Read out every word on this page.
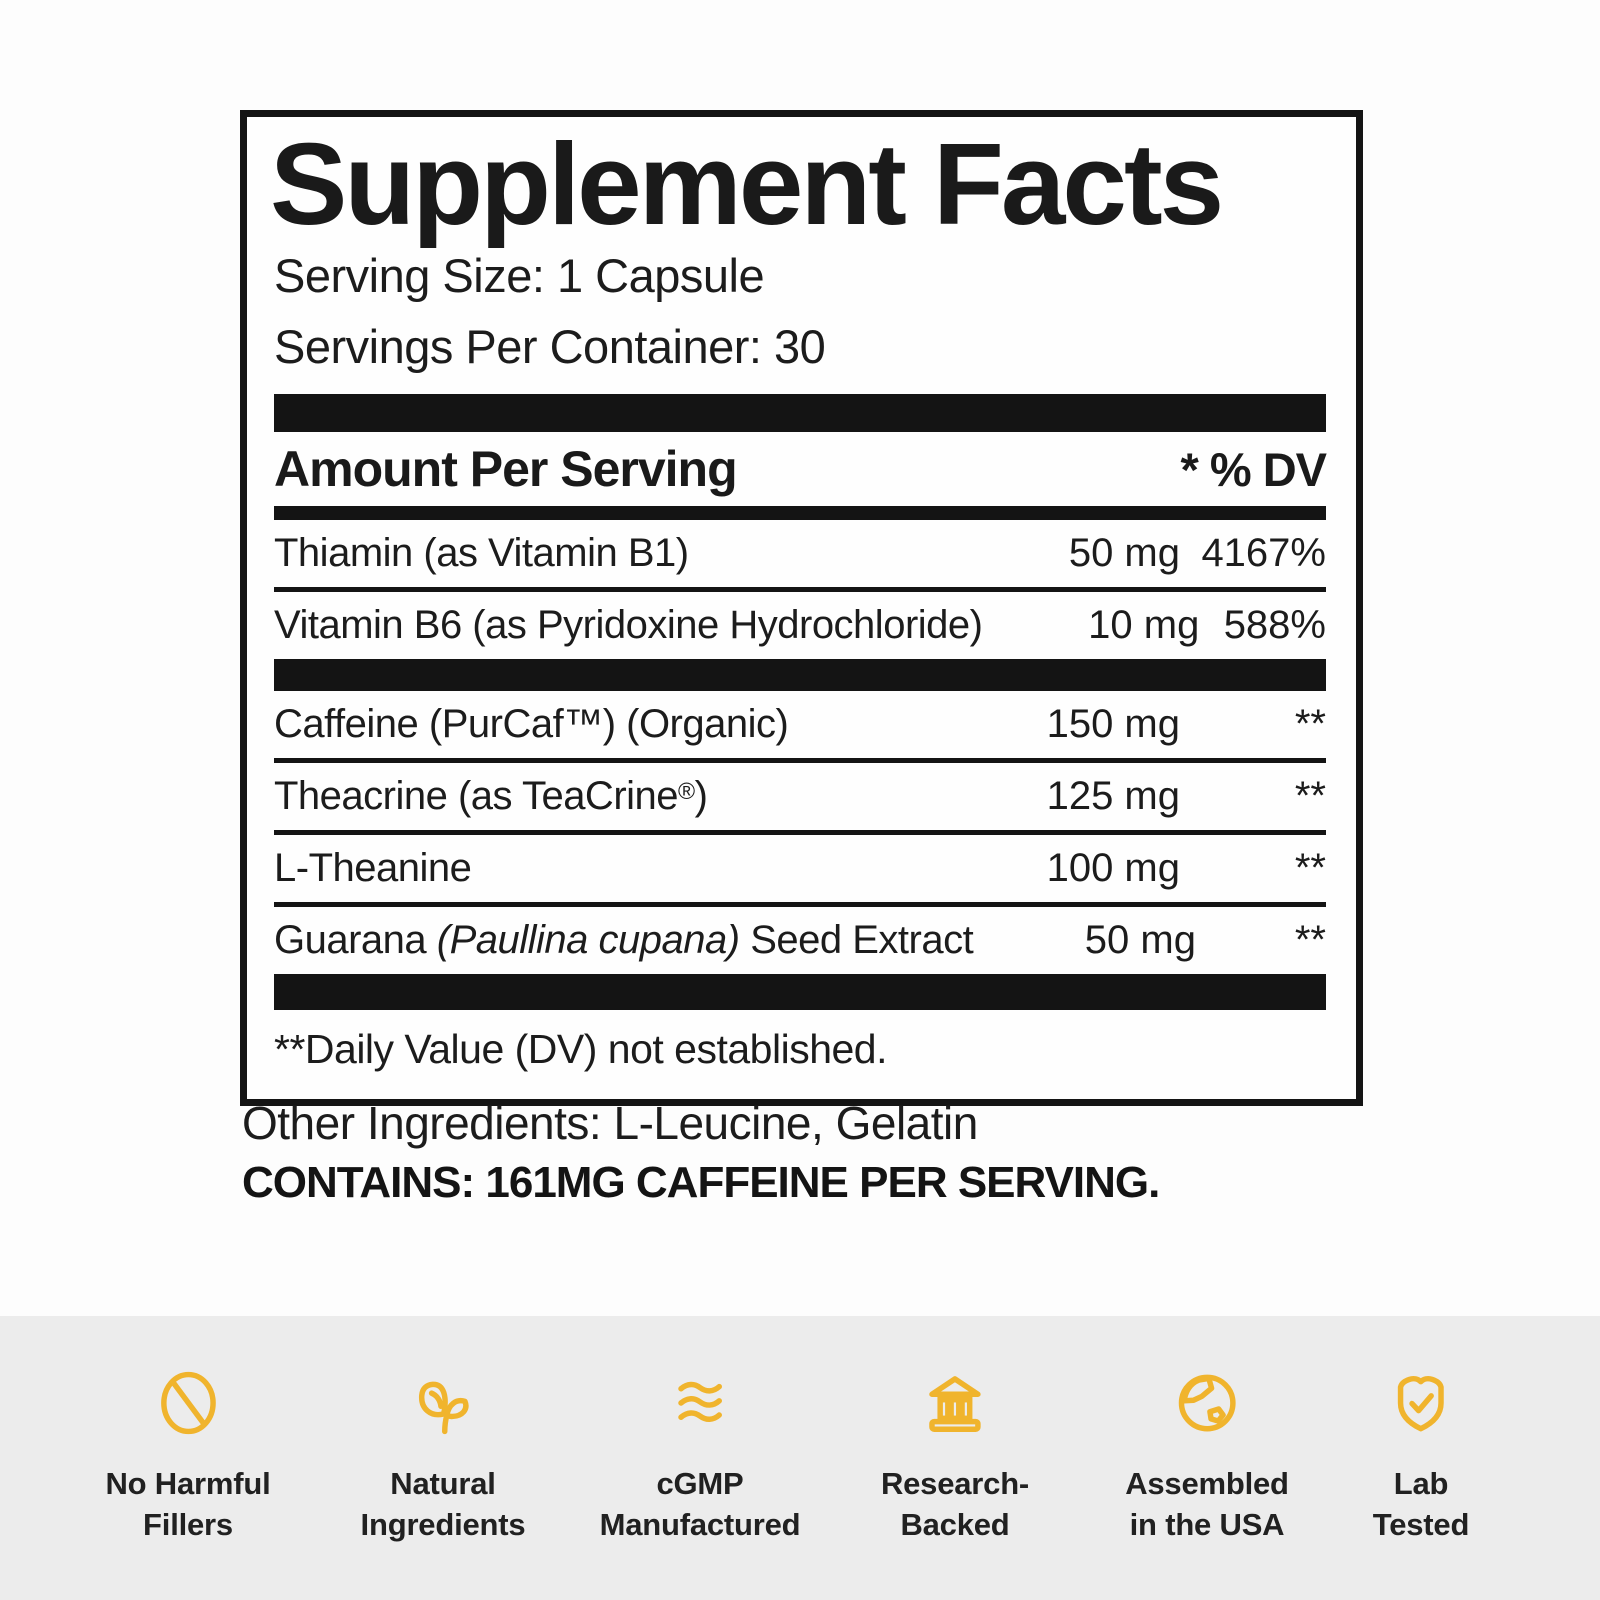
Supplement Facts
Serving Size: 1 Capsule
Servings Per Container: 30
Amount Per Serving	* % DV
Thiamin (as Vitamin B1)	50 mg 4167%
Vitamin B6 (as Pyridoxine Hydrochloride)	10 mg 588%
Caffeine (PurCaf™) (Organic)	150 mg	**
Theacrine (as TeaCrine®)	125 mg	**
L-Theanine	100 mg	**
Guarana (Paullina cupana) Seed Extract	50 mg	**
**Daily Value (DV) not established.
Other Ingredients: L-Leucine, Gelatin
CONTAINS: 161MG CAFFEINE PER SERVING.
No Harmful
Fillers
Natural
Ingredients
cGMP
Manufactured
Research-
Backed
Assembled
in the USA
Lab
Tested
